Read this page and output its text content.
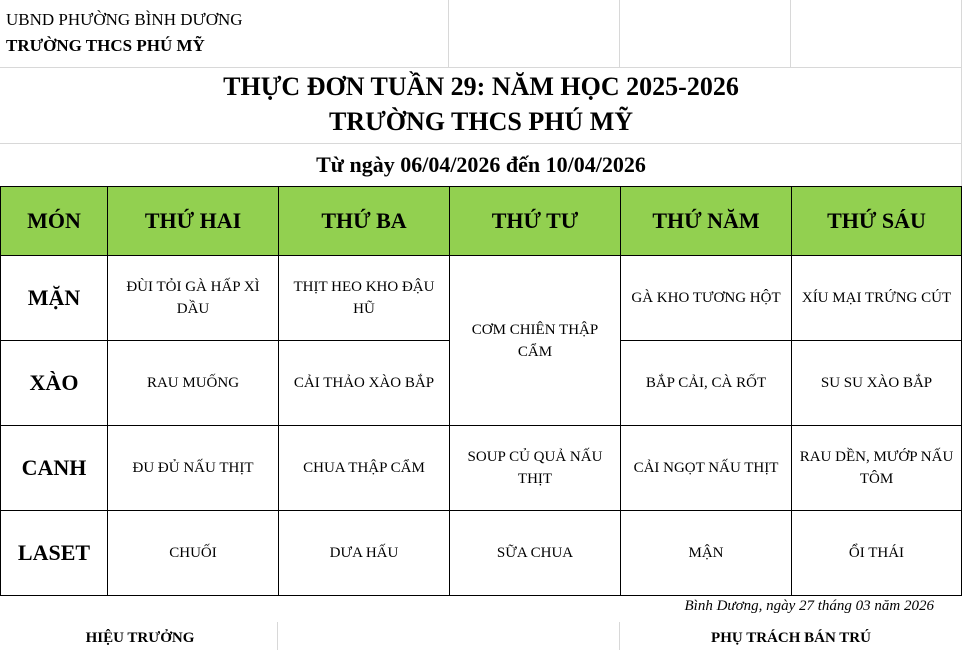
UBND PHƯỜNG BÌNH DƯƠNG
TRƯỜNG THCS PHÚ MỸ
THỰC ĐƠN TUẦN 29: NĂM HỌC 2025-2026
TRƯỜNG THCS PHÚ MỸ
Từ ngày 06/04/2026 đến 10/04/2026
MÓN	THỨ HAI	THỨ BA	THỨ TƯ	THỨ NĂM	THỨ SÁU
MẶN	ĐÙI TỎI GÀ HẤP XÌ DẦU	THỊT HEO KHO ĐẬU HŨ	CƠM CHIÊN THẬP CẨM	GÀ KHO TƯƠNG HỘT	XÍU MẠI TRỨNG CÚT
XÀO	RAU MUỐNG	CẢI THẢO XÀO BẮP		BẮP CẢI, CÀ RỐT	SU SU XÀO BẮP
CANH	ĐU ĐỦ NẤU THỊT	CHUA THẬP CẨM	SOUP CỦ QUẢ NẤU THỊT	CẢI NGỌT NẤU THỊT	RAU DỀN, MƯỚP NẤU TÔM
LASET	CHUỐI	DƯA HẤU	SỮA CHUA	MẬN	ỔI THÁI
Bình Dương, ngày 27 tháng 03 năm 2026
HIỆU TRƯỞNG	PHỤ TRÁCH BÁN TRÚ
